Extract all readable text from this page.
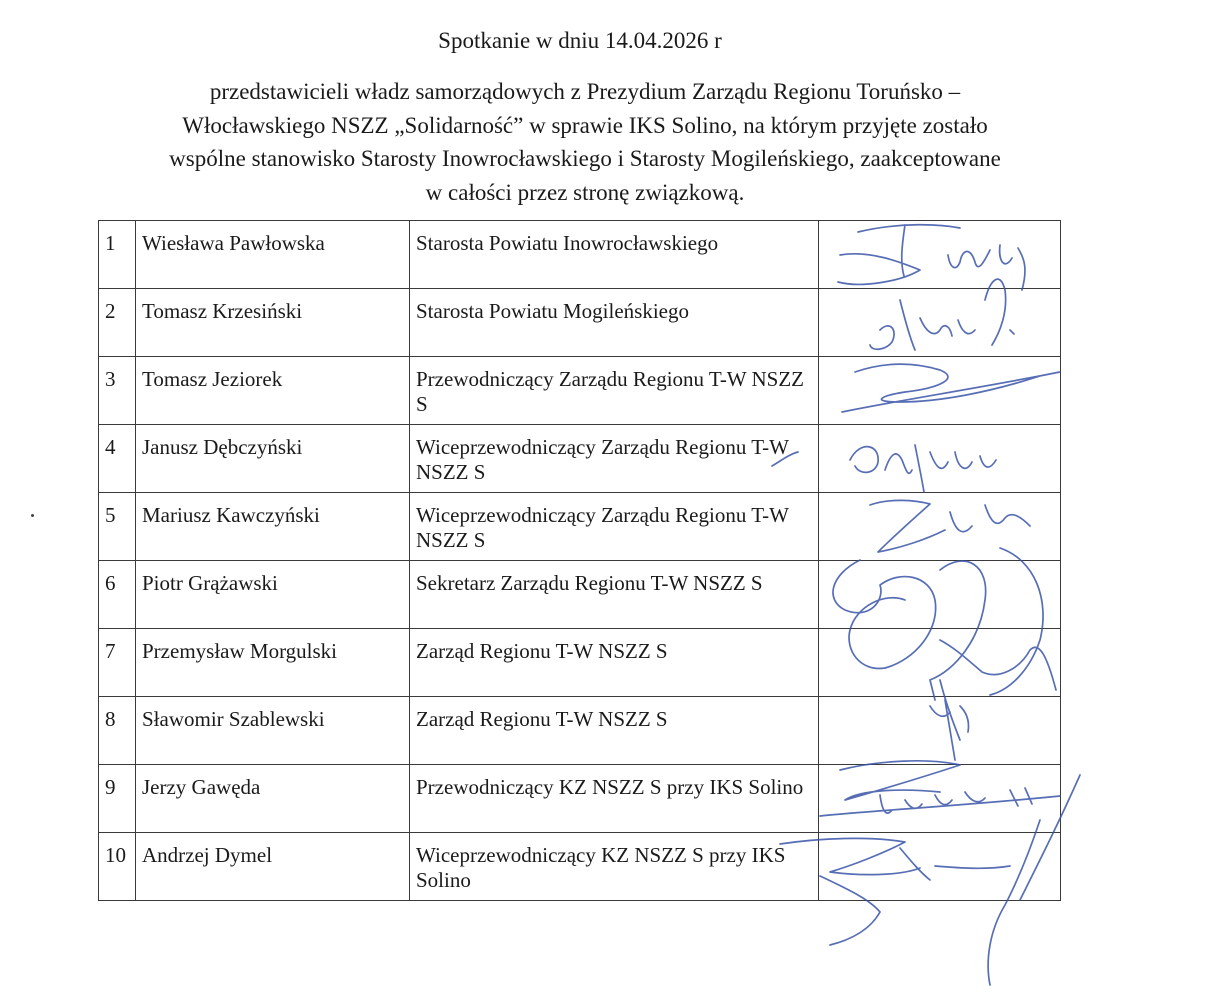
Spotkanie w dniu 14.04.2026 r
przedstawicieli władz samorządowych z Prezydium Zarządu Regionu Toruńsko –
Włocławskiego NSZZ „Solidarność” w sprawie IKS Solino, na którym przyjęte zostało
wspólne stanowisko Starosty Inowrocławskiego i Starosty Mogileńskiego, zaakceptowane
w całości przez stronę związkową.
1	Wiesława Pawłowska	Starosta Powiatu Inowrocławskiego	
2	Tomasz Krzesiński	Starosta Powiatu Mogileńskiego	
3	Tomasz Jeziorek	Przewodniczący Zarządu Regionu T-W NSZZ S	
4	Janusz Dębczyński	Wiceprzewodniczący Zarządu Regionu T-W NSZZ S	
5	Mariusz Kawczyński	Wiceprzewodniczący Zarządu Regionu T-W NSZZ S	
6	Piotr Grążawski	Sekretarz Zarządu Regionu T-W NSZZ S	
7	Przemysław Morgulski	Zarząd Regionu T-W NSZZ S	
8	Sławomir Szablewski	Zarząd Regionu T-W NSZZ S	
9	Jerzy Gawęda	Przewodniczący KZ NSZZ S przy IKS Solino	
10	Andrzej Dymel	Wiceprzewodniczący KZ NSZZ S przy IKS Solino	
